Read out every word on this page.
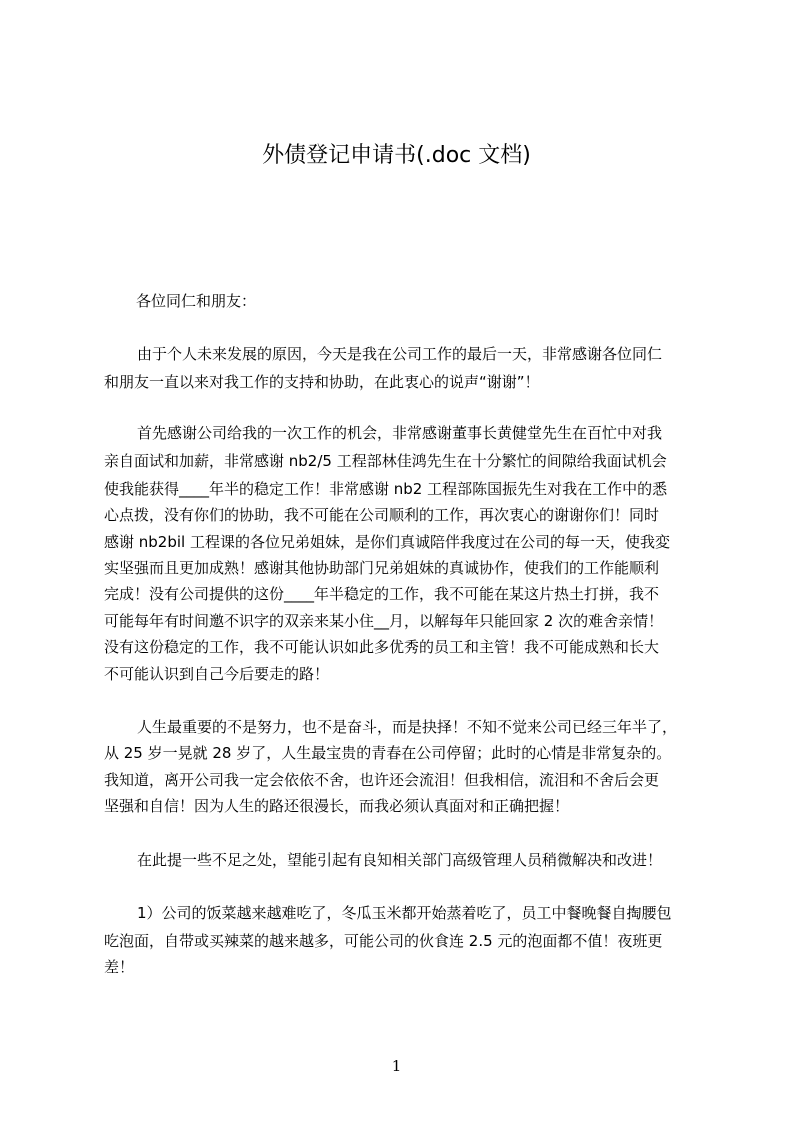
外债登记申请书(.doc 文档)
各位同仁和朋友：
由于个人未来发展的原因，今天是我在公司工作的最后一天，非常感谢各位同仁
和朋友一直以来对我工作的支持和协助，在此衷心的说声“谢谢”！
首先感谢公司给我的一次工作的机会，非常感谢董事长黄健堂先生在百忙中对我
亲自面试和加薪，非常感谢 nb2/5 工程部林佳鸿先生在十分繁忙的间隙给我面试机会
使我能获得____年半的稳定工作！非常感谢 nb2 工程部陈国振先生对我在工作中的悉
心点拨，没有你们的协助，我不可能在公司顺利的工作，再次衷心的谢谢你们！同时
感谢 nb2bil 工程课的各位兄弟姐妹，是你们真诚陪伴我度过在公司的每一天，使我変
实坚强而且更加成熟！感谢其他协助部门兄弟姐妹的真诚协作，使我们的工作能顺利
完成！没有公司提供的这份____年半稳定的工作，我不可能在某这片热土打拼，我不
可能每年有时间邀不识字的双亲来某小住__月，以解每年只能回家 2 次的难舍亲情！
没有这份稳定的工作，我不可能认识如此多优秀的员工和主管！我不可能成熟和长大
不可能认识到自己今后要走的路！
人生最重要的不是努力，也不是奋斗，而是抉择！不知不觉来公司已经三年半了，
从 25 岁一晃就 28 岁了，人生最宝贵的青春在公司停留；此时的心情是非常复杂的。
我知道，离开公司我一定会依依不舍，也许还会流泪！但我相信，流泪和不舍后会更
坚强和自信！因为人生的路还很漫长，而我必须认真面对和正确把握！
在此提一些不足之处，望能引起有良知相关部门高级管理人员稍微解决和改进！
1）公司的饭菜越来越难吃了，冬瓜玉米都开始蒸着吃了，员工中餐晚餐自掏腰包
吃泡面，自带或买辣菜的越来越多，可能公司的伙食连 2.5 元的泡面都不值！夜班更
差！
1
